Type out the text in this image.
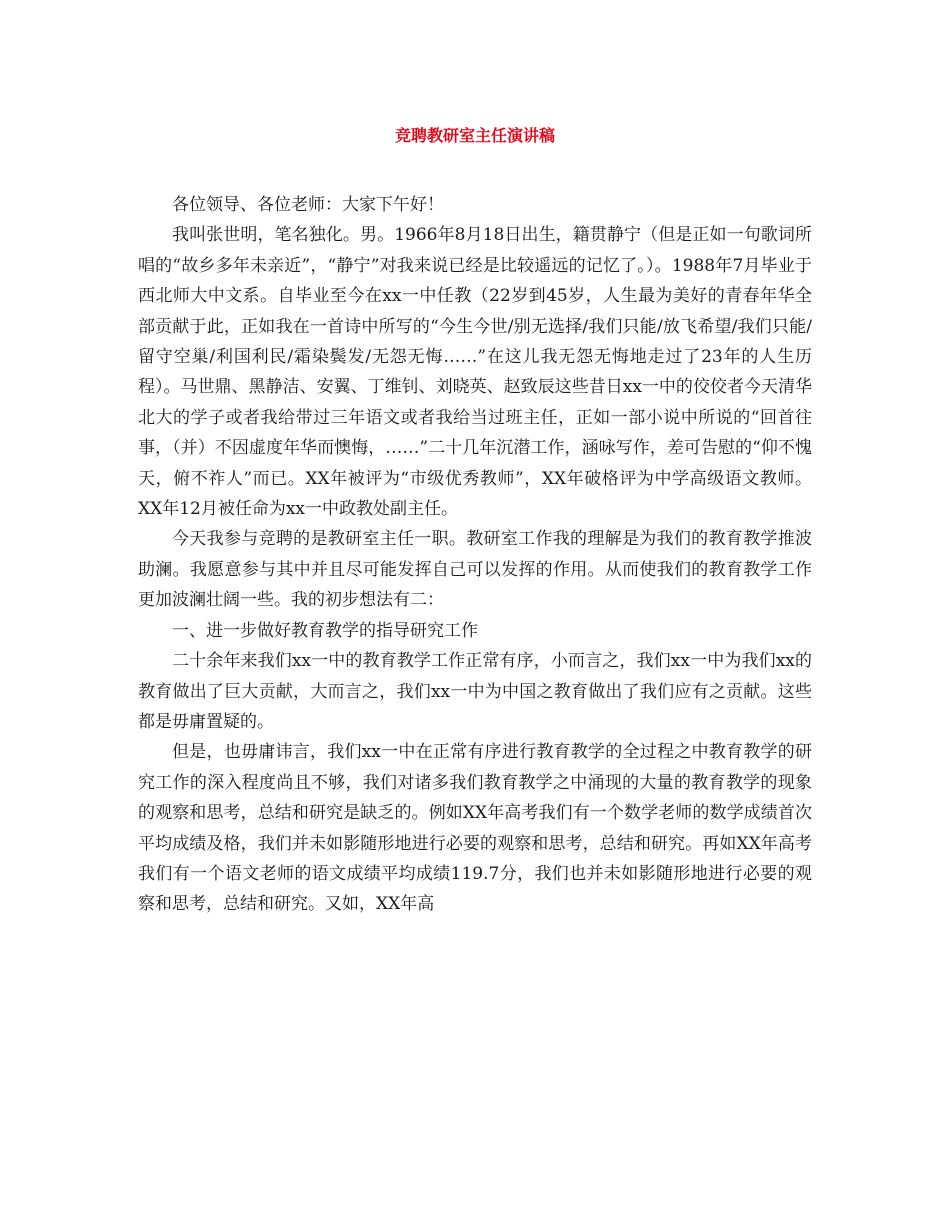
竞聘教研室主任演讲稿

各位领导、各位老师：大家下午好！

我叫张世明，笔名独化。男。1966年8月18日出生，籍贯静宁（但是正如一句歌词所唱的“故乡多年未亲近”，“静宁”对我来说已经是比较遥远的记忆了。）。1988年7月毕业于西北师大中文系。自毕业至今在xx一中任教（22岁到45岁，人生最为美好的青春年华全部贡献于此，正如我在一首诗中所写的“今生今世/别无选择/我们只能/放飞希望/我们只能/留守空巢/利国利民/霜染鬓发/无怨无悔……”在这儿我无怨无悔地走过了23年的人生历程）。马世鼎、黑静洁、安翼、丁维钊、刘晓英、赵致辰这些昔日xx一中的佼佼者今天清华北大的学子或者我给带过三年语文或者我给当过班主任，正如一部小说中所说的“回首往事，（并）不因虚度年华而懊悔，……”二十几年沉潜工作，涵咏写作，差可告慰的“仰不愧天，俯不祚人”而已。XX年被评为“市级优秀教师”，XX年破格评为中学高级语文教师。XX年12月被任命为xx一中政教处副主任。

今天我参与竞聘的是教研室主任一职。教研室工作我的理解是为我们的教育教学推波助澜。我愿意参与其中并且尽可能发挥自己可以发挥的作用。从而使我们的教育教学工作更加波澜壮阔一些。我的初步想法有二：

一、进一步做好教育教学的指导研究工作

二十余年来我们xx一中的教育教学工作正常有序，小而言之，我们xx一中为我们xx的教育做出了巨大贡献，大而言之，我们xx一中为中国之教育做出了我们应有之贡献。这些都是毋庸置疑的。

但是，也毋庸讳言，我们xx一中在正常有序进行教育教学的全过程之中教育教学的研究工作的深入程度尚且不够，我们对诸多我们教育教学之中涌现的大量的教育教学的现象的观察和思考，总结和研究是缺乏的。例如XX年高考我们有一个数学老师的数学成绩首次平均成绩及格，我们并未如影随形地进行必要的观察和思考，总结和研究。再如XX年高考我们有一个语文老师的语文成绩平均成绩119.7分，我们也并未如影随形地进行必要的观察和思考，总结和研究。又如，XX年高
